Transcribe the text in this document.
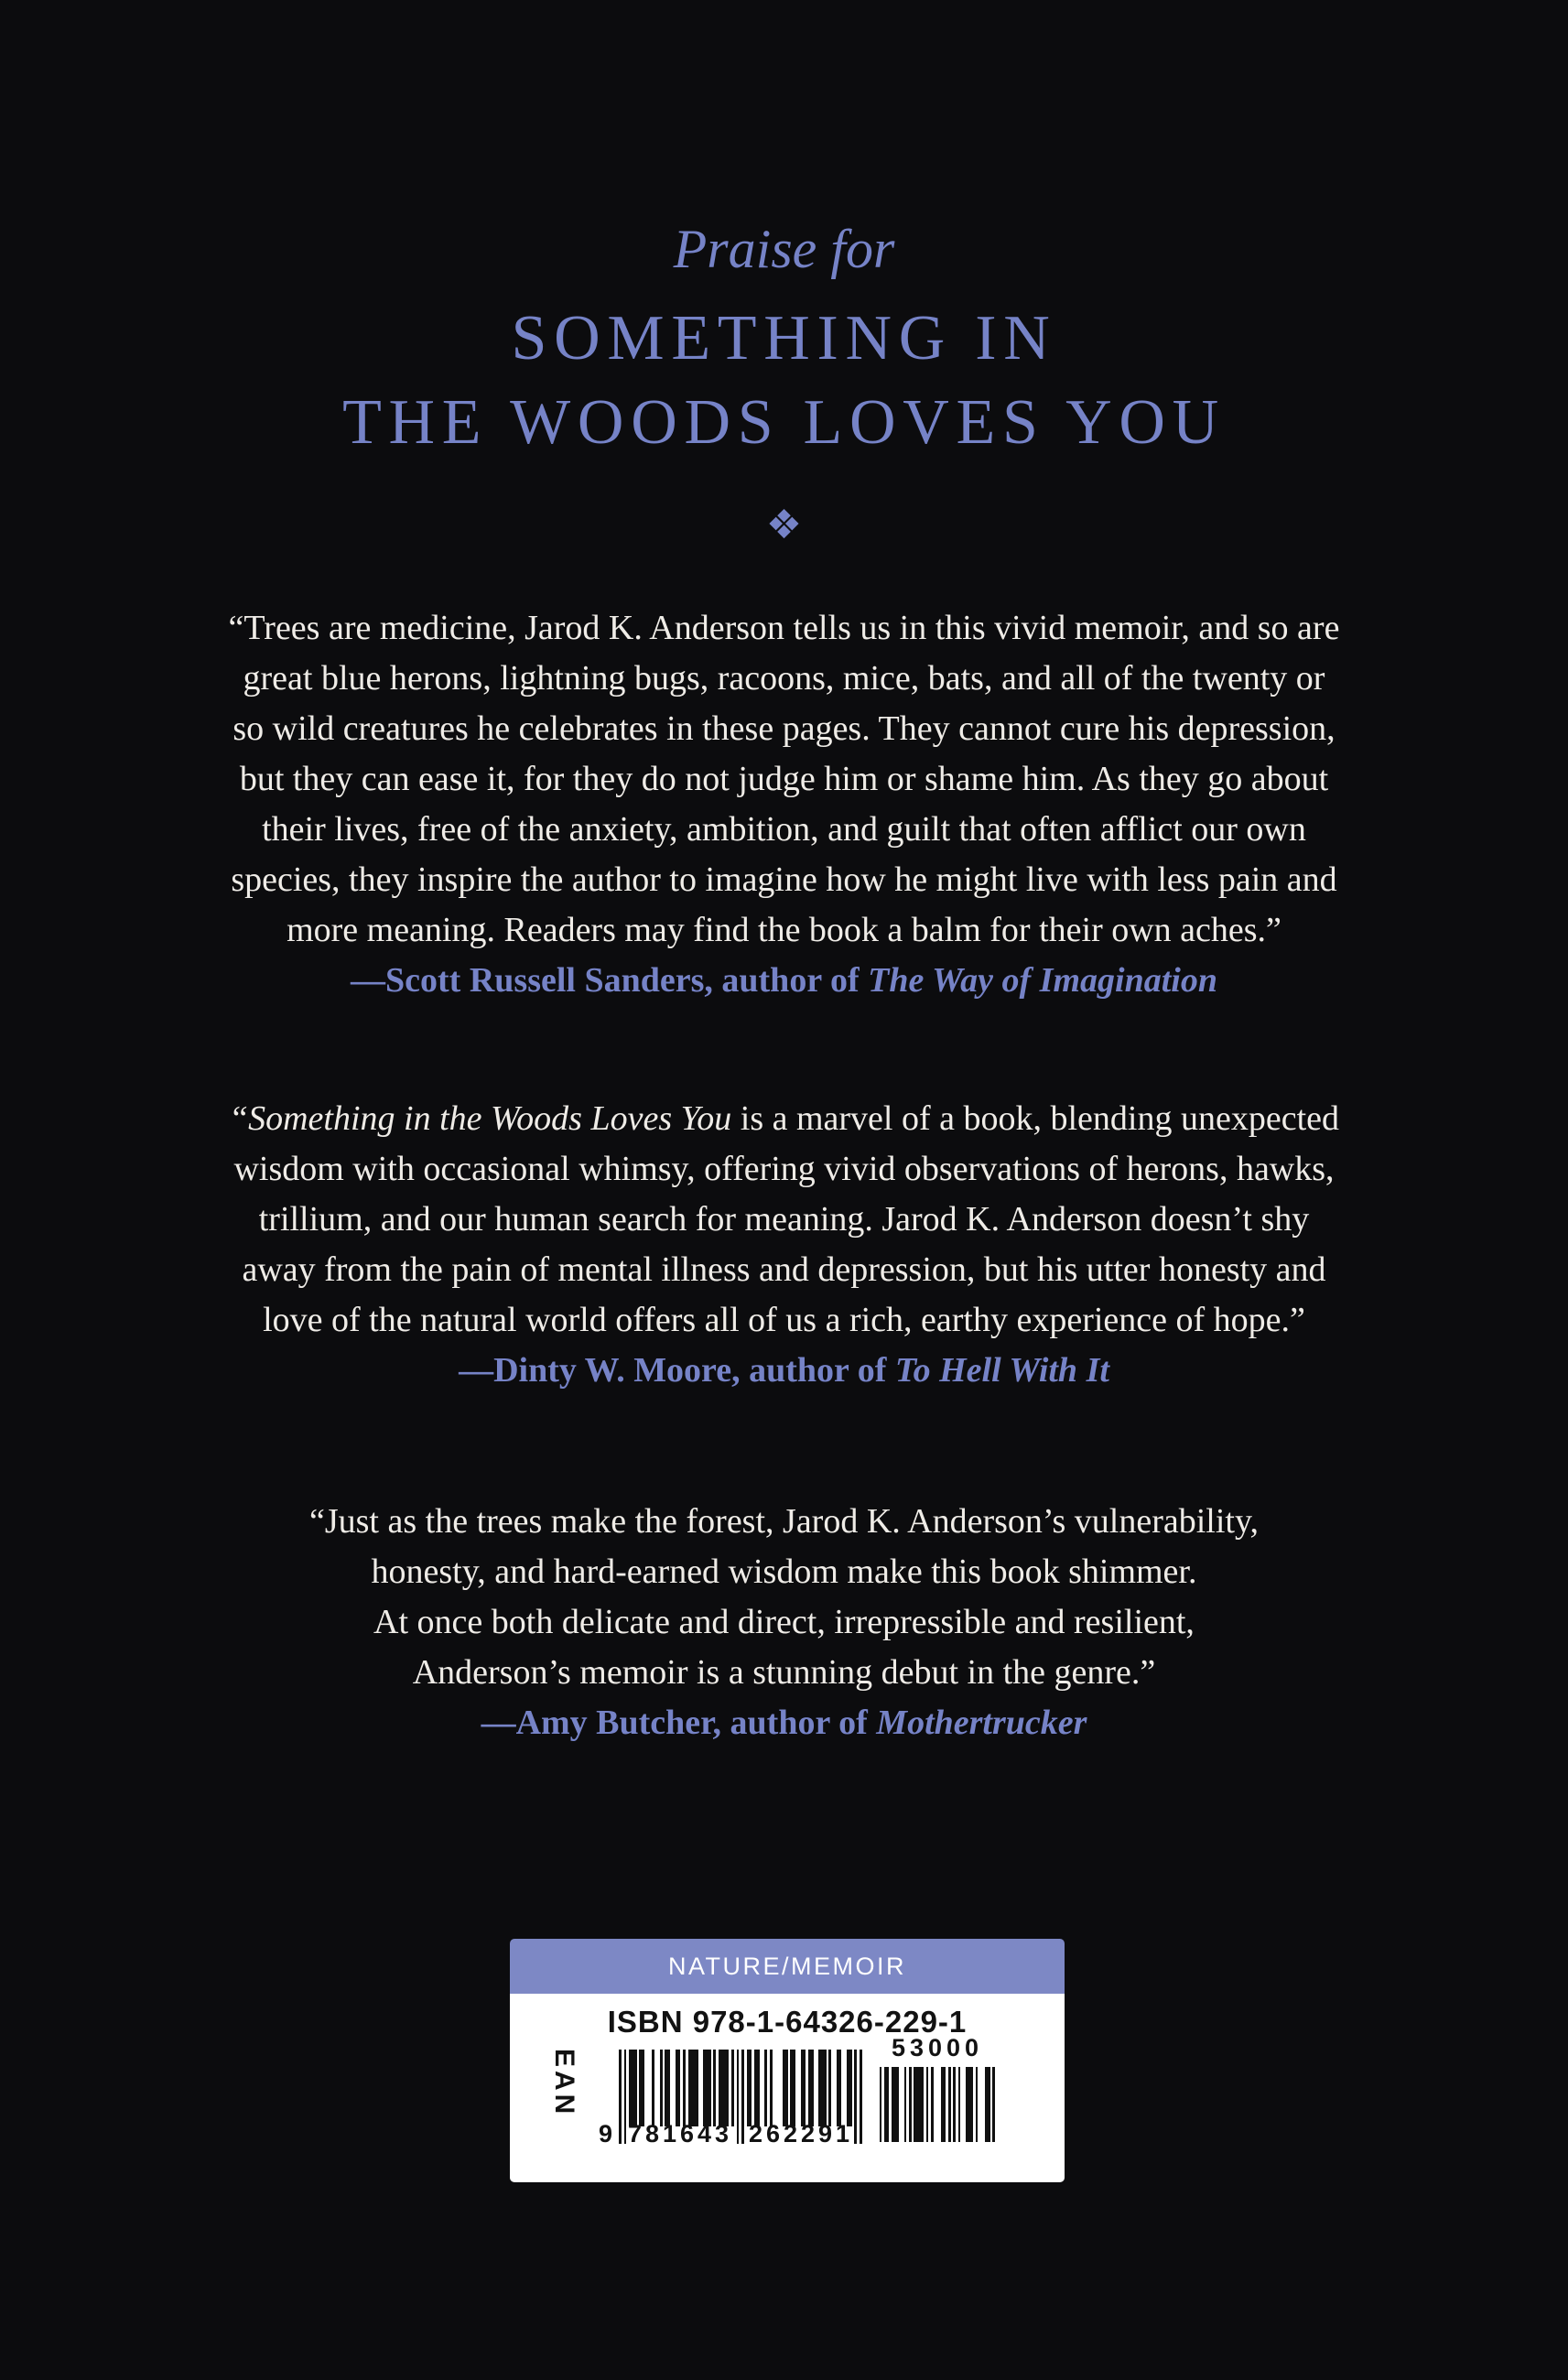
Praise for
SOMETHING IN
THE WOODS LOVES YOU
❖
“Trees are medicine, Jarod K. Anderson tells us in this vivid memoir, and so are
great blue herons, lightning bugs, racoons, mice, bats, and all of the twenty or
so wild creatures he celebrates in these pages. They cannot cure his depression,
but they can ease it, for they do not judge him or shame him. As they go about
their lives, free of the anxiety, ambition, and guilt that often afflict our own
species, they inspire the author to imagine how he might live with less pain and
more meaning. Readers may find the book a balm for their own aches.”
—Scott Russell Sanders, author of The Way of Imagination
“Something in the Woods Loves You is a marvel of a book, blending unexpected
wisdom with occasional whimsy, offering vivid observations of herons, hawks,
trillium, and our human search for meaning. Jarod K. Anderson doesn’t shy
away from the pain of mental illness and depression, but his utter honesty and
love of the natural world offers all of us a rich, earthy experience of hope.”
—Dinty W. Moore, author of To Hell With It
“Just as the trees make the forest, Jarod K. Anderson’s vulnerability,
honesty, and hard-earned wisdom make this book shimmer.
At once both delicate and direct, irrepressible and resilient,
Anderson’s memoir is a stunning debut in the genre.”
—Amy Butcher, author of Mothertrucker
NATURE/MEMOIR
ISBN 978-1-64326-229-1
EAN
9 781643 262291
53000
